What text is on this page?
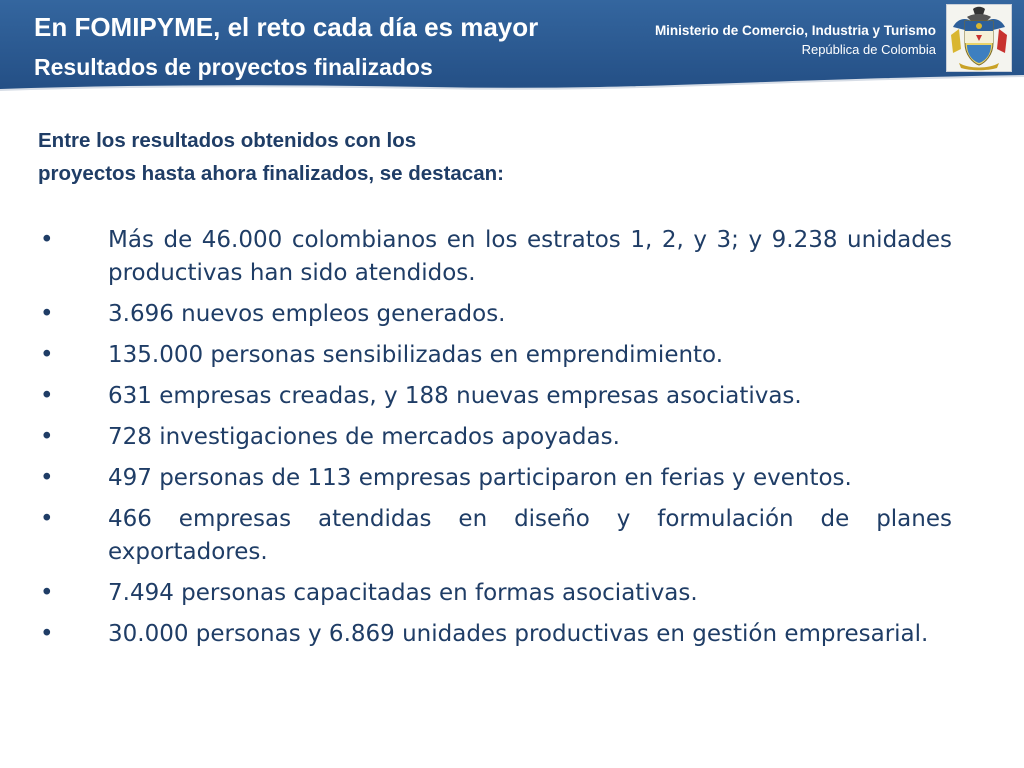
En FOMIPYME, el reto cada día es mayor
Resultados de proyectos finalizados
Ministerio de Comercio, Industria y Turismo
República de Colombia
Entre los resultados obtenidos con los
proyectos hasta ahora finalizados, se destacan:
• Más de 46.000 colombianos en los estratos 1, 2, y 3; y 9.238 unidades productivas han sido atendidos.
• 3.696 nuevos empleos generados.
• 135.000 personas sensibilizadas en emprendimiento.
• 631 empresas creadas, y 188 nuevas empresas asociativas.
• 728 investigaciones de mercados apoyadas.
• 497 personas de 113 empresas participaron en ferias y eventos.
• 466 empresas atendidas en diseño y formulación de planes exportadores.
• 7.494 personas capacitadas en formas asociativas.
• 30.000 personas y 6.869 unidades productivas en gestión empresarial.
